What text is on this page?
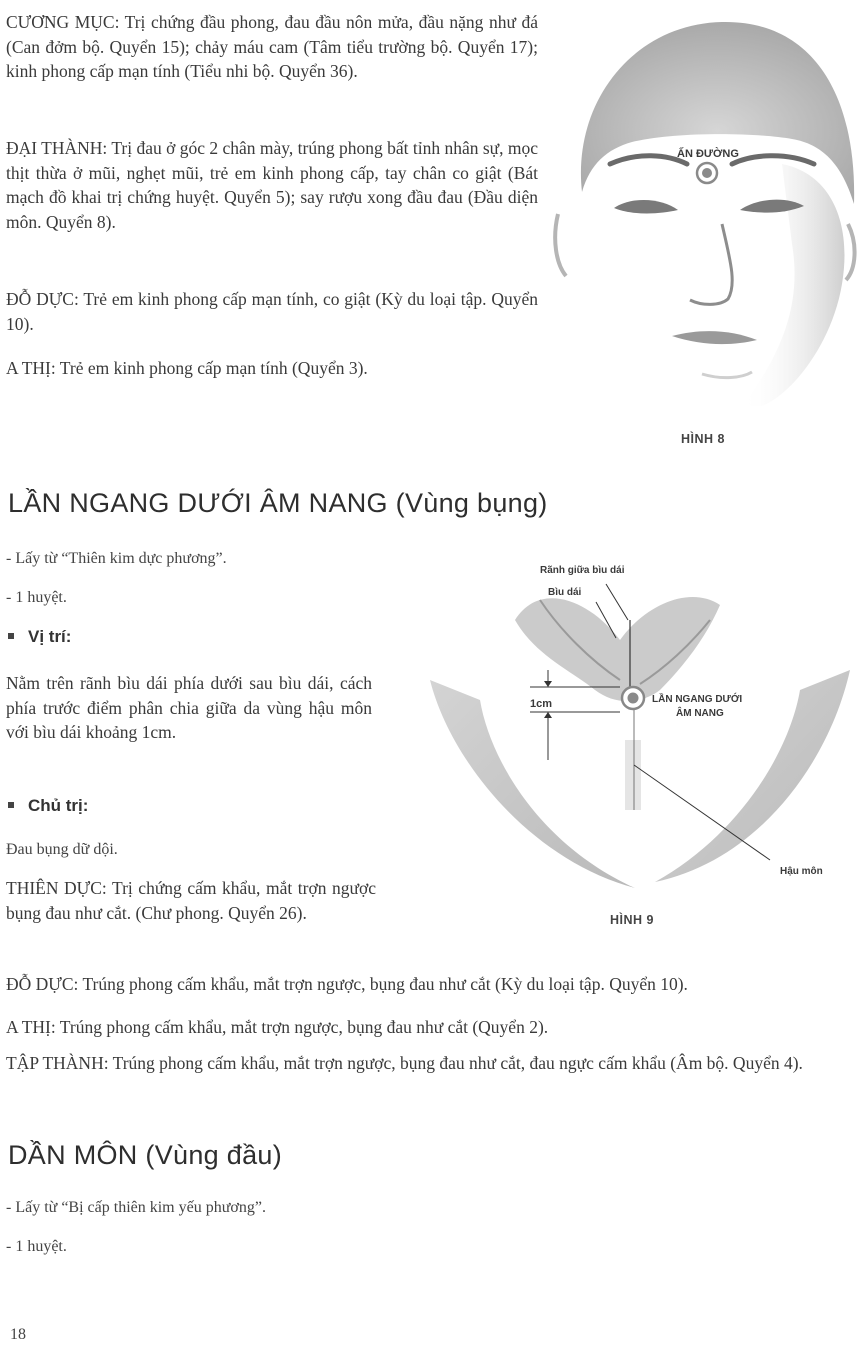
CƯƠNG MỤC: Trị chứng đầu phong, đau đầu nôn mửa, đầu nặng như đá (Can đởm bộ. Quyển 15); chảy máu cam (Tâm tiểu trường bộ. Quyển 17); kinh phong cấp mạn tính (Tiểu nhi bộ. Quyển 36).

ĐẠI THÀNH: Trị đau ở góc 2 chân mày, trúng phong bất tỉnh nhân sự, mọc thịt thừa ở mũi, nghẹt mũi, trẻ em kinh phong cấp, tay chân co giật (Bát mạch đồ khai trị chứng huyệt. Quyển 5); say rượu xong đầu đau (Đầu diện môn. Quyển 8).

ĐỖ DỰC: Trẻ em kinh phong cấp mạn tính, co giật (Kỳ du loại tập. Quyển 10).

A THỊ: Trẻ em kinh phong cấp mạn tính (Quyển 3).

ẤN ĐƯỜNG
HÌNH 8
LẦN NGANG DƯỚI ÂM NANG (Vùng bụng)
- Lấy từ “Thiên kim dực phương”.
- 1 huyệt.
Vị trí:

Nằm trên rãnh bìu dái phía dưới sau bìu dái, cách phía trước điểm phân chia giữa da vùng hậu môn với bìu dái khoảng 1cm.

Chủ trị:
Đau bụng dữ dội.

THIÊN DỰC: Trị chứng cấm khẩu, mắt trợn ngược bụng đau như cắt. (Chư phong. Quyển 26).

Rãnh giữa bìu dái
Bìu dái
1cm	LẦN NGANG DƯỚI
ÂM NANG
Hậu môn
HÌNH 9

ĐỖ DỰC: Trúng phong cấm khẩu, mắt trợn ngược, bụng đau như cắt (Kỳ du loại tập. Quyển 10).

A THỊ: Trúng phong cấm khẩu, mắt trợn ngược, bụng đau như cắt (Quyển 2).

TẬP THÀNH: Trúng phong cấm khẩu, mắt trợn ngược, bụng đau như cắt, đau ngực cấm khẩu (Âm bộ. Quyển 4).

DẦN MÔN (Vùng đầu)
- Lấy từ “Bị cấp thiên kim yếu phương”.
- 1 huyệt.
18
